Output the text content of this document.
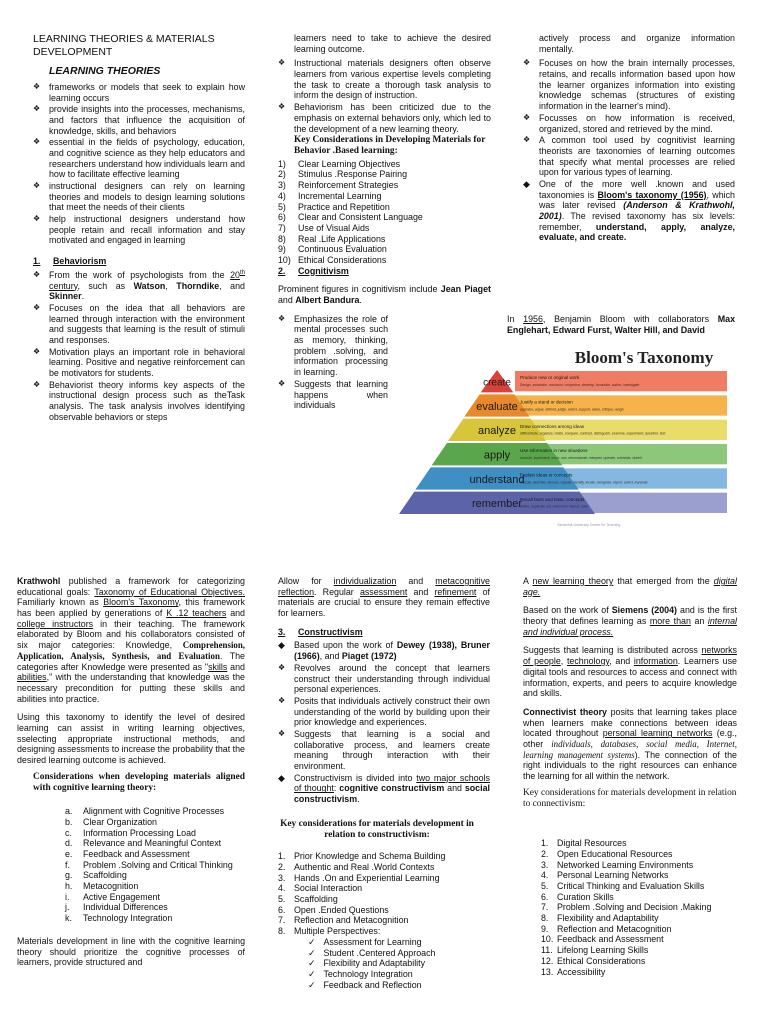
LEARNING THEORIES & MATERIALS DEVELOPMENT
LEARNING THEORIES
❖ frameworks or models that seek to explain how learning occurs
❖ provide insights into the processes, mechanisms, and factors that influence the acquisition of knowledge, skills, and behaviors
❖ essential in the fields of psychology, education, and cognitive science as they help educators and researchers understand how individuals learn and how to facilitate effective learning
❖ instructional designers can rely on learning theories and models to design learning solutions that meet the needs of their clients
❖ help instructional designers understand how people retain and recall information and stay motivated and engaged in learning
1.	Behaviorism
❖ From the work of psychologists from the 20th century, such as Watson, Thorndike, and Skinner.
❖ Focuses on the idea that all behaviors are learned through interaction with the environment and suggests that learning is the result of stimuli and responses.
❖ Motivation plays an important role in behavioral learning. Positive and negative reinforcement can be motivators for students.
❖ Behaviorist theory informs key aspects of the instructional design process such as theTask analysis. The task analysis involves identifying observable behaviors or steps

learners need to take to achieve the desired learning outcome.

❖ Instructional materials designers often observe learners from various expertise levels completing the task to create a thorough task analysis to inform the design of instruction.
❖ Behaviorism has been criticized due to the emphasis on external behaviors only, which led to the development of a new learning theory.
Key Considerations in Developing Materials for Behavior .Based learning:
1)	Clear Learning Objectives
2)	Stimulus .Response Pairing
3)	Reinforcement Strategies
4)	Incremental Learning
5)	Practice and Repetition
6)	Clear and Consistent Language
7)	Use of Visual Aids
8)	Real .Life Applications
9)	Continuous Evaluation
10) Ethical Considerations
2.	Cognitivism

Prominent figures in cognitivism include Jean Piaget and Albert Bandura.

❖ Emphasizes the role of mental processes such as memory, thinking, problem .solving, and information processing in learning.
❖ Suggests that learning happens when individuals

actively process and organize information mentally.

❖ Focuses on how the brain internally processes, retains, and recalls information based upon how the learner organizes information into existing knowledge schemas (structures of existing information in the learner's mind).
❖ Focusses on how information is received, organized, stored and retrieved by the mind.
❖ A common tool used by cognitivist learning theorists are taxonomies of learning outcomes that specify what mental processes are relied upon for various types of learning.
◆ One of the more well .known and used taxonomies is Bloom's taxonomy (1956), which was later revised (Anderson & Krathwohl, 2001). The revised taxonomy has six levels: remember, understand, apply, analyze, evaluate, and create.

In 1956, Benjamin Bloom with collaborators Max Englehart, Edward Furst, Walter Hill, and David

Bloom's Taxonomy
create Produce new or original work
Design, assemble, construct, conjecture, develop, formulate, author, investigate
evaluate Justify a stand or decision
appraise, argue, defend, judge, select, support, value, critique, weigh
analyze Draw connections among ideas
differentiate, organize, relate, compare, contrast, distinguish, examine, experiment, question, test
apply Use information in new situations
execute, implement, solve, use, demonstrate, interpret, operate, schedule, sketch
understand
Explain ideas or concepts
classify, describe, discuss, explain, identify, locate, recognize, report, select, translate
remember
Recall facts and basic concepts
define, duplicate, list, memorize, repeat, state
Vanderbilt University Center for Teaching

Krathwohl published a framework for categorizing educational goals: Taxonomy of Educational Objectives. Familiarly known as Bloom's Taxonomy, this framework has been applied by generations of K .12 teachers and college instructors in their teaching. The framework elaborated by Bloom and his collaborators consisted of six major categories: Knowledge, Comprehension, Application, Analysis, Synthesis, and Evaluation. The categories after Knowledge were presented as "skills and abilities," with the understanding that knowledge was the necessary precondition for putting these skills and abilities into practice.

Using this taxonomy to identify the level of desired learning can assist in writing learning objectives, sselecting appropriate instructional methods, and designing assessments to increase the probability that the desired learning outcome is achieved.

Considerations when developing materials aligned with cognitive learning theory:
a.	Alignment with Cognitive Processes
b.	Clear Organization
c.	Information Processing Load
d.	Relevance and Meaningful Context
e.	Feedback and Assessment
f.	Problem .Solving and Critical Thinking
g.	Scaffolding
h.	Metacognition
i.	Active Engagement
j.	Individual Differences
k.	Technology Integration

Materials development in line with the cognitive learning theory should prioritize the cognitive processes of learners, provide structured and

Allow for individualization and metacognitive reflection. Regular assessment and refinement of materials are crucial to ensure they remain effective for learners.

3.	Constructivism
◆ Based upon the work of Dewey (1938), Bruner (1966), and Piaget (1972)
❖ Revolves around the concept that learners construct their understanding through individual personal experiences.
❖ Posits that individuals actively construct their own understanding of the world by building upon their prior knowledge and experiences.
❖ Suggests that learning is a social and collaborative process, and learners create meaning through interaction with their environment.
◆ Constructivism is divided into two major schools of thought: cognitive constructivism and social constructivism.
Key considerations for materials development in relation to constructivism:
1. Prior Knowledge and Schema Building
2. Authentic and Real .World Contexts
3. Hands .On and Experiential Learning
4. Social Interaction
5. Scaffolding
6. Open .Ended Questions
7. Reflection and Metacognition
8. Multiple Perspectives:
✓ Assessment for Learning
✓ Student .Centered Approach
✓ Flexibility and Adaptability
✓ Technology Integration
✓ Feedback and Reflection

A new learning theory that emerged from the digital age.

Based on the work of Siemens (2004) and is the first theory that defines learning as more than an internal and individual process.

Suggests that learning is distributed across networks of people, technology, and information. Learners use digital tools and resources to access and connect with information, experts, and peers to acquire knowledge and skills.

Connectivist theory posits that learning takes place when learners make connections between ideas located throughout personal learning networks (e.g., other individuals, databases, social media, Internet, learning management systems). The connection of the right individuals to the right resources can enhance the learning for all within the network.

Key considerations for materials development in relation to connectivism:
1. Digital Resources
2. Open Educational Resources
3. Networked Learning Environments
4. Personal Learning Networks
5. Critical Thinking and Evaluation Skills
6. Curation Skills
7. Problem .Solving and Decision .Making
8. Flexibility and Adaptability
9. Reflection and Metacognition
10. Feedback and Assessment
11. Lifelong Learning Skills
12. Ethical Considerations
13. Accessibility
